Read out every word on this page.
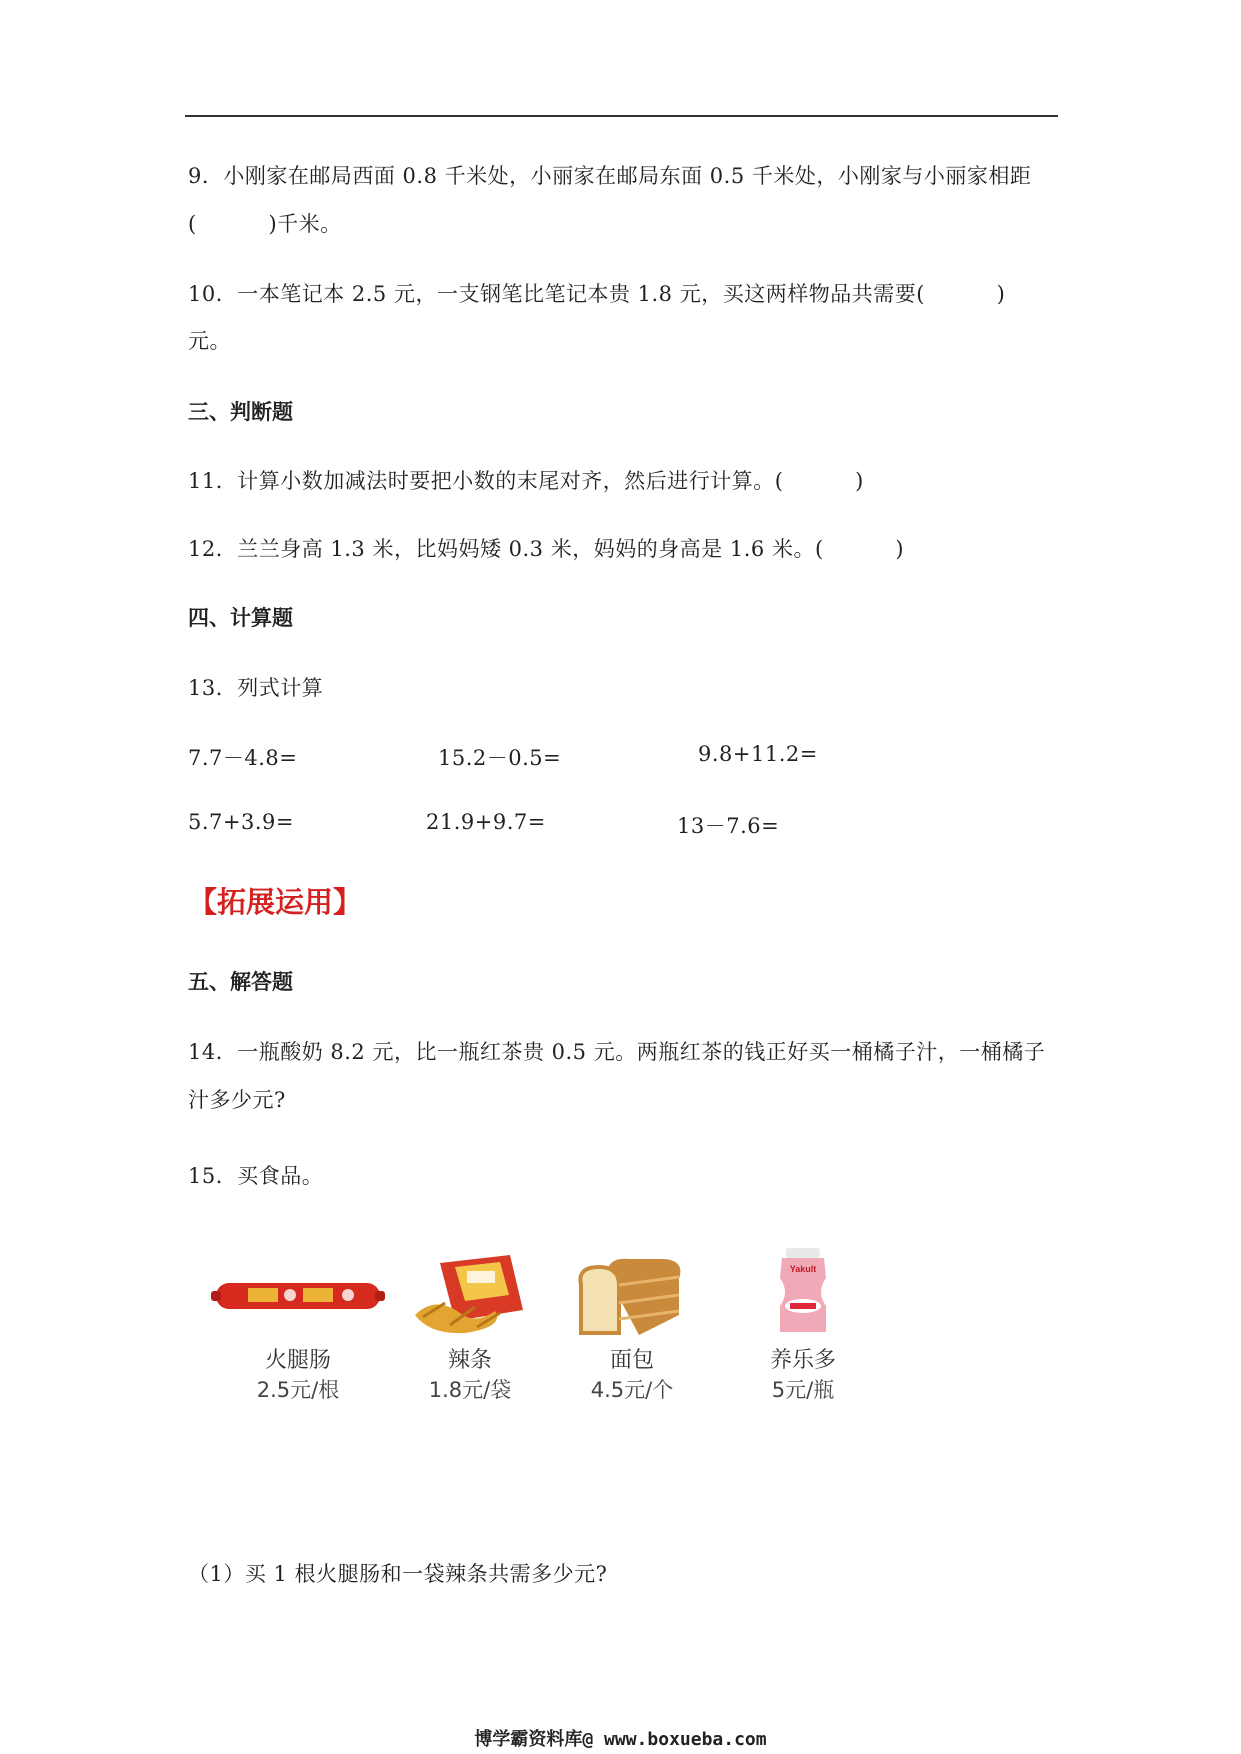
9．小刚家在邮局西面 0.8 千米处，小丽家在邮局东面 0.5 千米处，小刚家与小丽家相距
(          )千米。
10．一本笔记本 2.5 元，一支钢笔比笔记本贵 1.8 元，买这两样物品共需要(          )
元。
三、判断题
11．计算小数加减法时要把小数的末尾对齐，然后进行计算。(          )
12．兰兰身高 1.3 米，比妈妈矮 0.3 米，妈妈的身高是 1.6 米。(          )
四、计算题
13．列式计算
7.7－4.8=	15.2－0.5=	9.8+11.2=
5.7+3.9=	21.9+9.7=	13－7.6=
【拓展运用】
五、解答题
14．一瓶酸奶 8.2 元，比一瓶红茶贵 0.5 元。两瓶红茶的钱正好买一桶橘子汁，一桶橘子
汁多少元?
15．买食品。
火腿肠
2.5元/根
辣条
1.8元/袋
面包
4.5元/个
Yakult
养乐多
5元/瓶
（1）买 1 根火腿肠和一袋辣条共需多少元?
博学霸资料库@ www.boxueba.com
